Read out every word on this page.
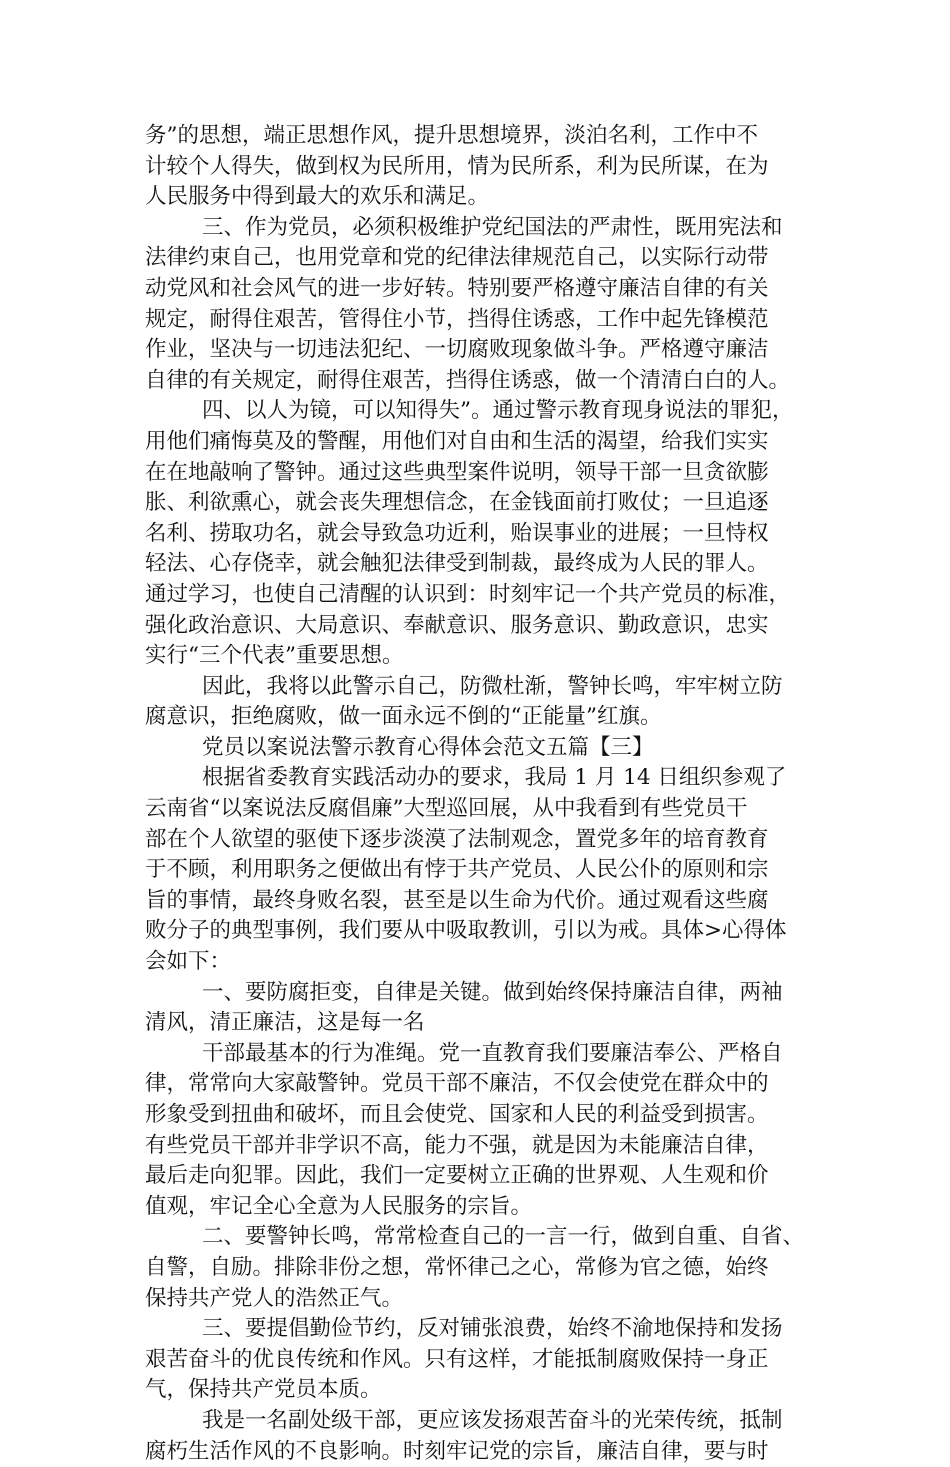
务”的思想，端正思想作风，提升思想境界，淡泊名利，工作中不
计较个人得失，做到权为民所用，情为民所系，利为民所谋，在为
人民服务中得到最大的欢乐和满足。
三、作为党员，必须积极维护党纪国法的严肃性，既用宪法和
法律约束自己，也用党章和党的纪律法律规范自己，以实际行动带
动党风和社会风气的进一步好转。特别要严格遵守廉洁自律的有关
规定，耐得住艰苦，管得住小节，挡得住诱惑，工作中起先锋模范
作业，坚决与一切违法犯纪、一切腐败现象做斗争。严格遵守廉洁
自律的有关规定，耐得住艰苦，挡得住诱惑，做一个清清白白的人。
四、以人为镜，可以知得失”。通过警示教育现身说法的罪犯，
用他们痛悔莫及的警醒，用他们对自由和生活的渴望，给我们实实
在在地敲响了警钟。通过这些典型案件说明，领导干部一旦贪欲膨
胀、利欲熏心，就会丧失理想信念，在金钱面前打败仗；一旦追逐
名利、捞取功名，就会导致急功近利，贻误事业的进展；一旦恃权
轻法、心存侥幸，就会触犯法律受到制裁，最终成为人民的罪人。
通过学习，也使自己清醒的认识到：时刻牢记一个共产党员的标准，
强化政治意识、大局意识、奉献意识、服务意识、勤政意识，忠实
实行“三个代表”重要思想。
因此，我将以此警示自己，防微杜渐，警钟长鸣，牢牢树立防
腐意识，拒绝腐败，做一面永远不倒的“正能量”红旗。
党员以案说法警示教育心得体会范文五篇【三】
根据省委教育实践活动办的要求，我局 1 月 14 日组织参观了
云南省“以案说法反腐倡廉”大型巡回展，从中我看到有些党员干
部在个人欲望的驱使下逐步淡漠了法制观念，置党多年的培育教育
于不顾，利用职务之便做出有悖于共产党员、人民公仆的原则和宗
旨的事情，最终身败名裂，甚至是以生命为代价。通过观看这些腐
败分子的典型事例，我们要从中吸取教训，引以为戒。具体>心得体
会如下：
一、要防腐拒变，自律是关键。做到始终保持廉洁自律，两袖
清风，清正廉洁，这是每一名
干部最基本的行为准绳。党一直教育我们要廉洁奉公、严格自
律，常常向大家敲警钟。党员干部不廉洁，不仅会使党在群众中的
形象受到扭曲和破坏，而且会使党、国家和人民的利益受到损害。
有些党员干部并非学识不高，能力不强，就是因为未能廉洁自律，
最后走向犯罪。因此，我们一定要树立正确的世界观、人生观和价
值观，牢记全心全意为人民服务的宗旨。
二、要警钟长鸣，常常检查自己的一言一行，做到自重、自省、
自警，自励。排除非份之想，常怀律己之心，常修为官之德，始终
保持共产党人的浩然正气。
三、要提倡勤俭节约，反对铺张浪费，始终不渝地保持和发扬
艰苦奋斗的优良传统和作风。只有这样，才能抵制腐败保持一身正
气，保持共产党员本质。
我是一名副处级干部，更应该发扬艰苦奋斗的光荣传统，抵制
腐朽生活作风的不良影响。时刻牢记党的宗旨，廉洁自律，要与时
